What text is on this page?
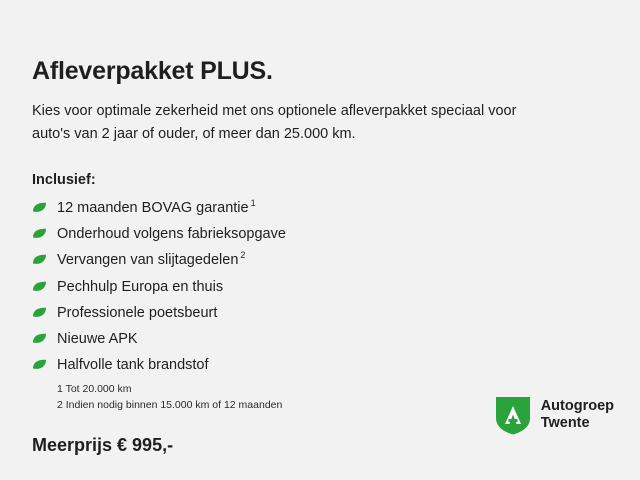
Afleverpakket PLUS.

Kies voor optimale zekerheid met ons optionele afleverpakket speciaal voor auto's van 2 jaar of ouder, of meer dan 25.000 km.

Inclusief:
12 maanden BOVAG garantie $^1$
Onderhoud volgens fabrieksopgave
Vervangen van slijtagedelen $^2$
Pechhulp Europa en thuis
Professionele poetsbeurt
Nieuwe APK
Halfvolle tank brandstof
1 Tot 20.000 km
2 Indien nodig binnen 15.000 km of 12 maanden
Meerprijs € 995,-
Autogroep
Twente
